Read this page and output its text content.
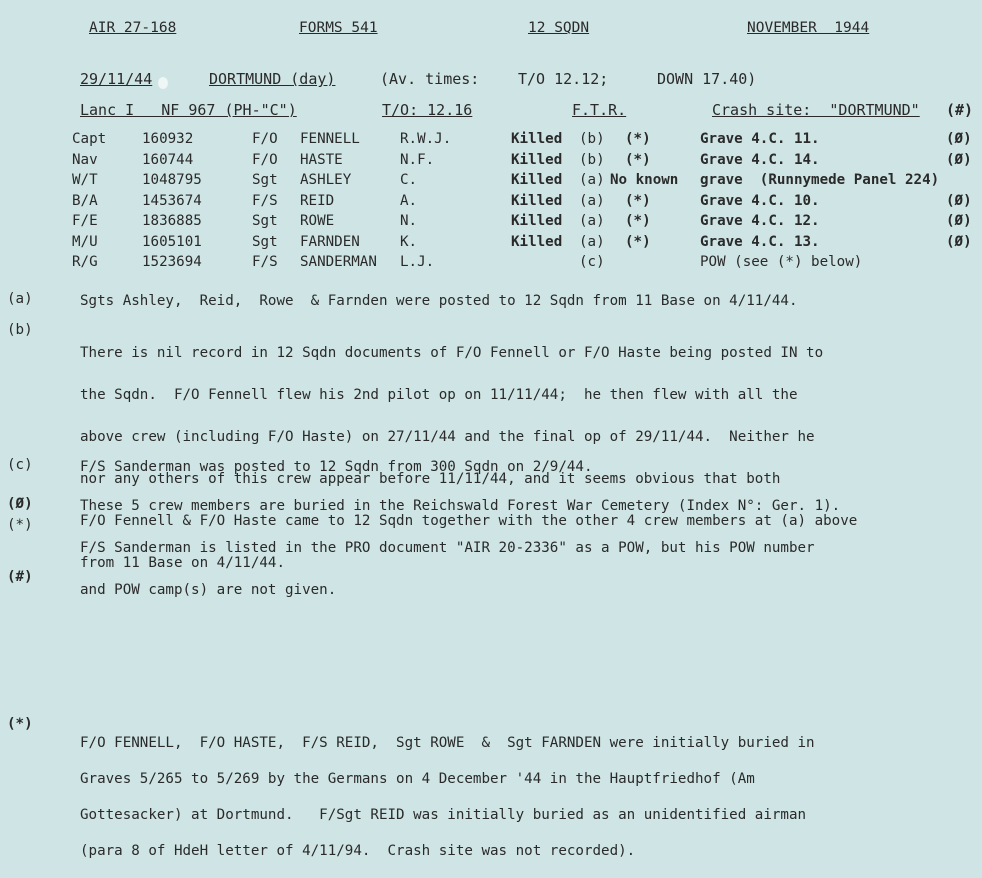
AIR 27-168	FORMS 541	12 SQDN	NOVEMBER  1944
29/11/44	DORTMUND (day)	(Av. times:	T/O 12.12;	DOWN 17.40)
Lanc I   NF 967 (PH-"C")	T/O: 12.16	F.T.R.	Crash site:  "DORTMUND" (#)
Capt	160932	F/O FENNELL	R.W.J.	Killed (b) (*)	Grave 4.C. 11.	(Ø)
Nav	160744	F/O HASTE	N.F.	Killed (b) (*)	Grave 4.C. 14.	(Ø)
W/T	1048795	Sgt ASHLEY	C.	Killed (a) No known grave  (Runnymede Panel 224)
B/A	1453674	F/S REID	A.	Killed (a) (*)	Grave 4.C. 10.	(Ø)
F/E	1836885	Sgt ROWE	N.	Killed (a) (*)	Grave 4.C. 12.	(Ø)
M/U	1605101	Sgt FARNDEN	K.	Killed (a) (*)	Grave 4.C. 13.	(Ø)
R/G	1523694	F/S SANDERMAN L.J.	(c)	POW (see (*) below)
(a)	Sgts Ashley,  Reid,  Rowe  & Farnden were posted to 12 Sqdn from 11 Base on 4/11/44.
(b)

There is nil record in 12 Sqdn documents of F/O Fennell or F/O Haste being posted IN to

the Sqdn.  F/O Fennell flew his 2nd pilot op on 11/11/44;  he then flew with all the

above crew (including F/O Haste) on 27/11/44 and the final op of 29/11/44.  Neither he

nor any others of this crew appear before 11/11/44, and it seems obvious that both

F/O Fennell & F/O Haste came to 12 Sqdn together with the other 4 crew members at (a) above

from 11 Base on 4/11/44.

(c)	F/S Sanderman was posted to 12 Sqdn from 300 Sqdn on 2/9/44.
(Ø)	These 5 crew members are buried in the Reichswald Forest War Cemetery (Index N°: Ger. 1).
(*)

F/S Sanderman is listed in the PRO document "AIR 20-2336" as a POW, but his POW number

and POW camp(s) are not given.

(#)
(*)

F/O FENNELL,  F/O HASTE,  F/S REID,  Sgt ROWE  &  Sgt FARNDEN were initially buried in

Graves 5/265 to 5/269 by the Germans on 4 December '44 in the Hauptfriedhof (Am

Gottesacker) at Dortmund.   F/Sgt REID was initially buried as an unidentified airman

(para 8 of HdeH letter of 4/11/94.  Crash site was not recorded).
